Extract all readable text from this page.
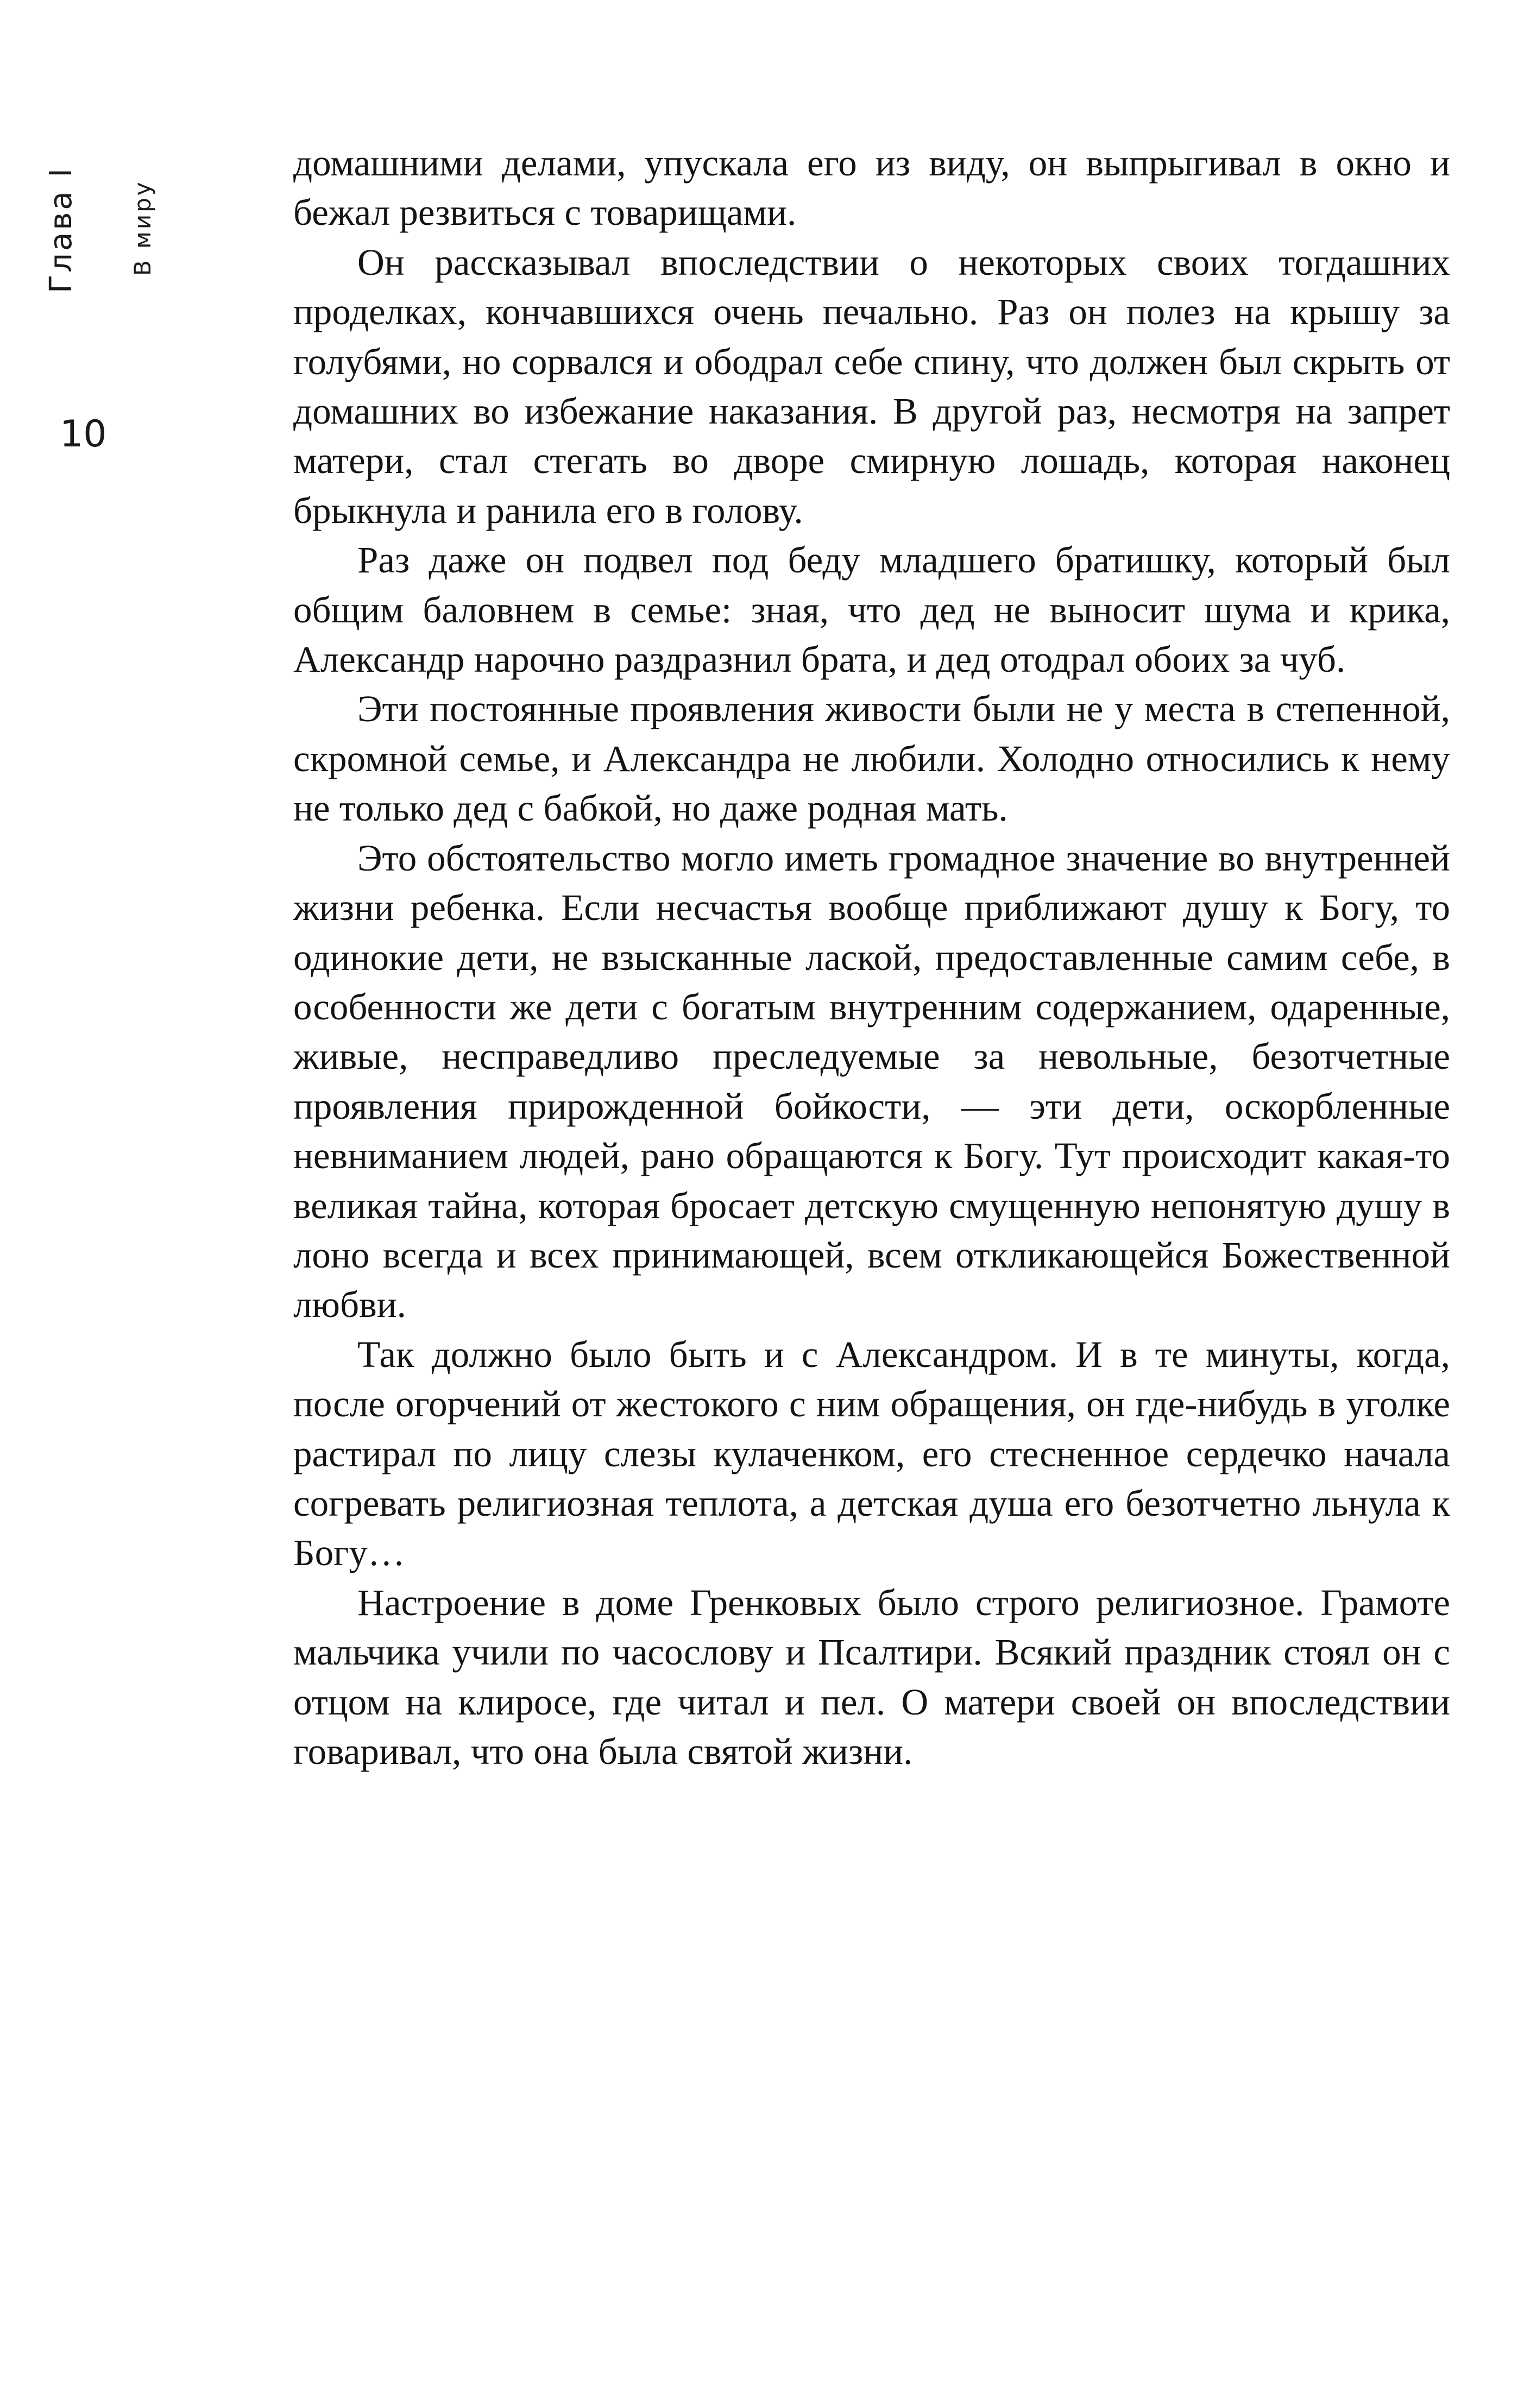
Глава I В миру
10

домашними делами, упускала его из виду, он выпрыгивал в окно и бежал резвиться с товарищами.

Он рассказывал впоследствии о некоторых своих тогдашних проделках, кончавшихся очень печально. Раз он полез на крышу за голубями, но сорвался и ободрал себе спину, что должен был скрыть от домашних во избежание наказания. В другой раз, несмотря на запрет матери, стал стегать во дворе смирную лошадь, которая наконец брыкнула и ранила его в голову.

Раз даже он подвел под беду младшего братишку, который был общим баловнем в семье: зная, что дед не выносит шума и крика, Александр нарочно раздразнил брата, и дед отодрал обоих за чуб.

Эти постоянные проявления живости были не у места в степенной, скромной семье, и Александра не любили. Холодно относились к нему не только дед с бабкой, но даже родная мать.

Это обстоятельство могло иметь громадное значение во внутренней жизни ребенка. Если несчастья вообще приближают душу к Богу, то одинокие дети, не взысканные лаской, предоставленные самим себе, в особенности же дети с богатым внутренним содержанием, одаренные, живые, несправедливо преследуемые за невольные, безотчетные проявления прирожденной бойкости, — эти дети, оскорбленные невниманием людей, рано обращаются к Богу. Тут происходит какая-то великая тайна, которая бросает детскую смущенную непонятую душу в лоно всегда и всех принимающей, всем откликающейся Божественной любви.

Так должно было быть и с Александром. И в те минуты, когда, после огорчений от жестокого с ним обращения, он где-нибудь в уголке растирал по лицу слезы кулаченком, его стесненное сердечко начала согревать религиозная теплота, а детская душа его безотчетно льнула к Богу…

Настроение в доме Гренковых было строго религиозное. Грамоте мальчика учили по часослову и Псалтири. Всякий праздник стоял он с отцом на клиросе, где читал и пел. О матери своей он впоследствии говаривал, что она была святой жизни.
